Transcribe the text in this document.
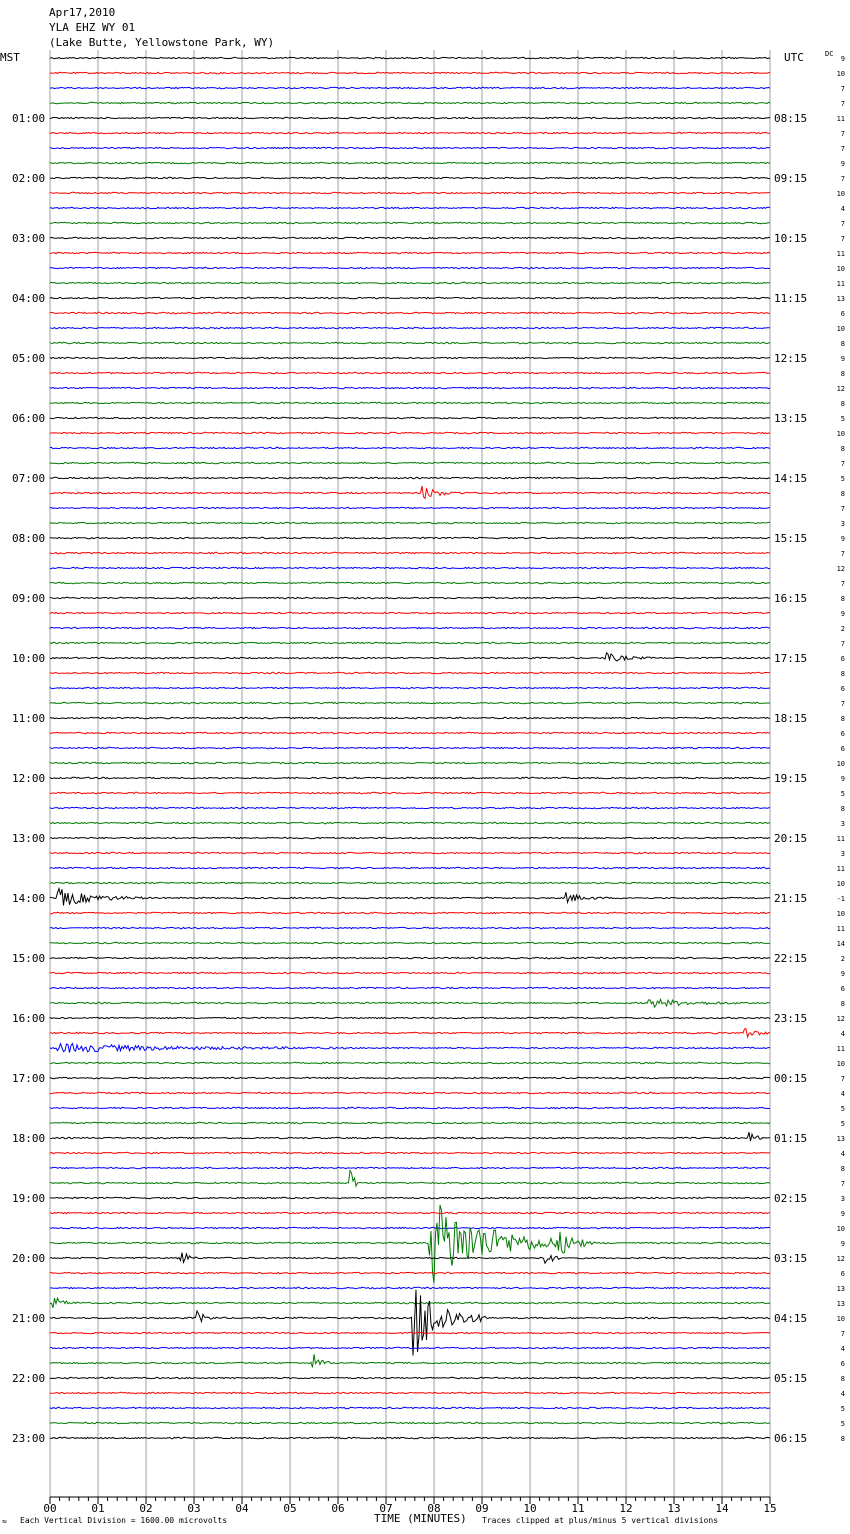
Apr17,2010
YLA EHZ WY 01
(Lake Butte, Yellowstone Park, WY)
MST	UTC	DC
01:00
02:00
03:00
04:00
05:00
06:00
07:00
08:00
09:00
10:00
11:00
12:00
13:00
14:00
15:00
16:00
17:00
18:00
19:00
20:00
21:00
22:00
23:00
08:15
09:15
10:15
11:15
12:15
13:15
14:15
15:15
16:15
17:15
18:15
19:15
20:15
21:15
22:15
23:15
00:15
01:15
02:15
03:15
04:15
05:15
06:15
9
10
7
7
11
7
7
9
7
10
4
7
7
11
10
11
13
6
10
8
9
8
12
8
5
10
8
7
5
8
7
3
9
7
12
7
8
9
2
7
6
8
6
7
8
6
6
10
9
5
8
3
11
3
11
10
-1
10
11
14
2
9
6
8
12
4
11
10
7
4
5
5
13
4
8
7
3
9
10
9
12
6
13
13
10
7
4
6
8
4
5
5
8
00	01	02	03	04	05	06	07	08	09	10	11	12	13	14	15
≈ Each Vertical Division = 1600.00 microvolts	TIME (MINUTES) Traces clipped at plus/minus 5 vertical divisions
